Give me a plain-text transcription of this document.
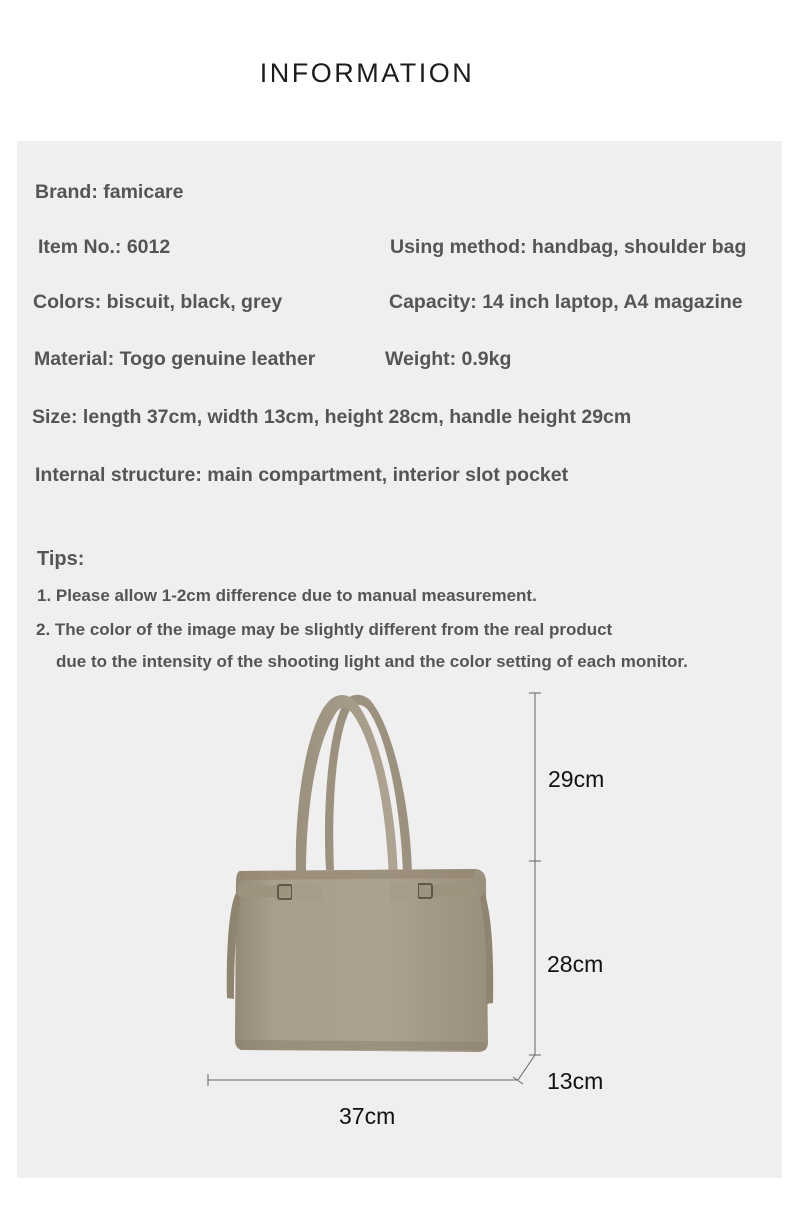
INFORMATION
Brand: famicare
Item No.: 6012	Using method: handbag, shoulder bag
Colors: biscuit, black, grey	Capacity: 14 inch laptop, A4 magazine
Material: Togo genuine leather	Weight: 0.9kg
Size: length 37cm, width 13cm, height 28cm, handle height 29cm
Internal structure: main compartment, interior slot pocket
Tips:
1. Please allow 1-2cm difference due to manual measurement.
2. The color of the image may be slightly different from the real product
due to the intensity of the shooting light and the color setting of each monitor.
29cm
28cm
13cm
37cm
